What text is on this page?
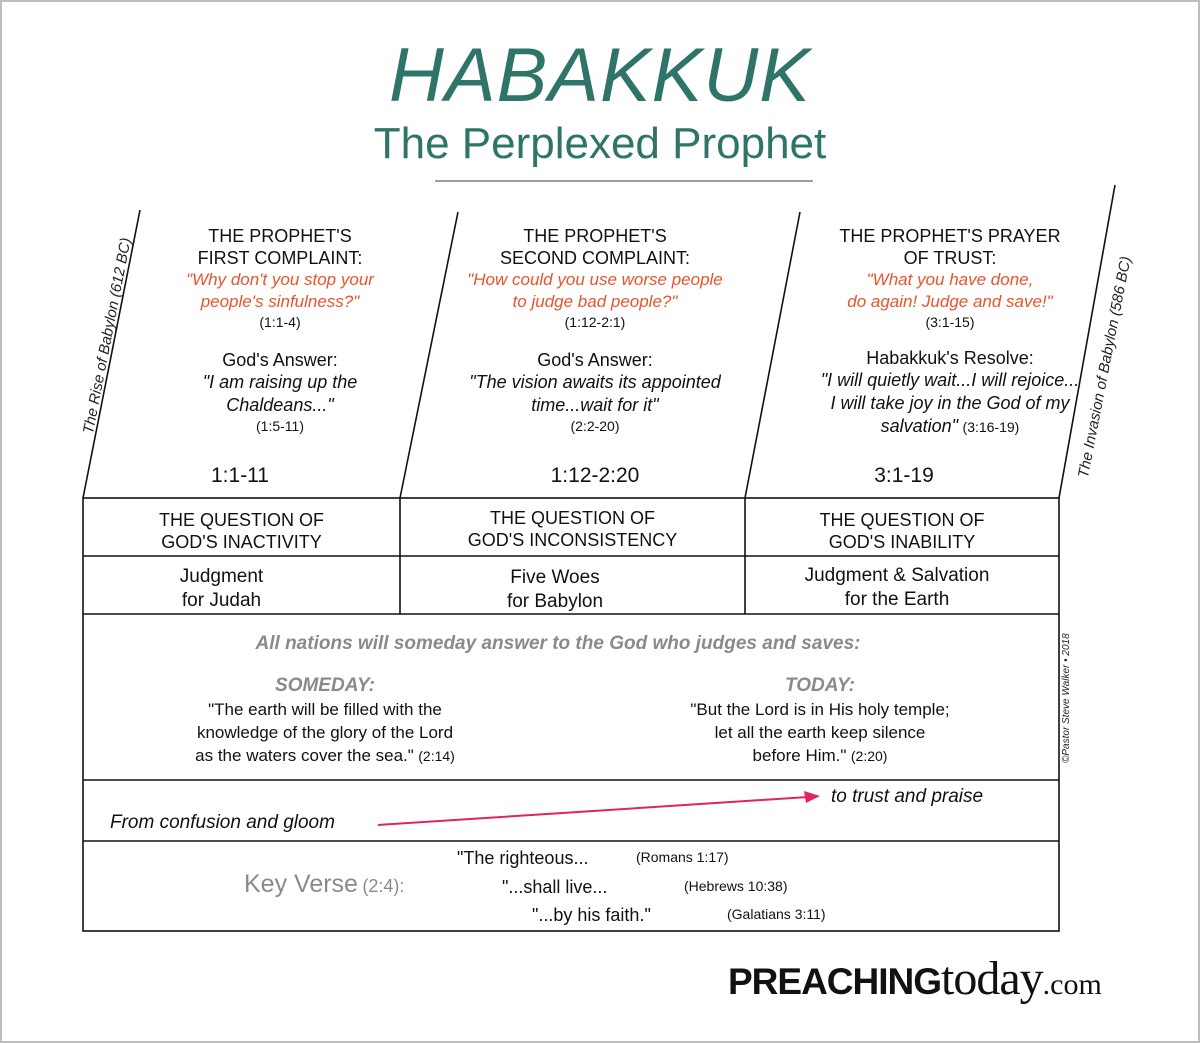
HABAKKUK
The Perplexed Prophet
The Rise of Babylon (612 BC)	The Invasion of Babylon (586 BC)
THE PROPHET'S
FIRST COMPLAINT:
"Why don't you stop your
people's sinfulness?"
(1:1-4)
God's Answer:
"I am raising up the
Chaldeans..."
(1:5-11)
1:1-11
THE PROPHET'S
SECOND COMPLAINT:
"How could you use worse people
to judge bad people?"
(1:12-2:1)
God's Answer:
"The vision awaits its appointed
time...wait for it"
(2:2-20)
1:12-2:20
THE PROPHET'S PRAYER
OF TRUST:
"What you have done,
do again! Judge and save!"
(3:1-15)
Habakkuk's Resolve:
"I will quietly wait...I will rejoice...
I will take joy in the God of my
salvation" (3:16-19)
3:1-19
THE QUESTION OF
GOD'S INACTIVITY
THE QUESTION OF
GOD'S INCONSISTENCY
THE QUESTION OF
GOD'S INABILITY
Judgment
for Judah
Five Woes
for Babylon
Judgment & Salvation
for the Earth
All nations will someday answer to the God who judges and saves:
SOMEDAY:
"The earth will be filled with the
knowledge of the glory of the Lord
as the waters cover the sea." (2:14)
TODAY:
"But the Lord is in His holy temple;
let all the earth keep silence
before Him." (2:20)
From confusion and gloom
to trust and praise
Key Verse (2:4):
"The righteous...	(Romans 1:17)
"...shall live...	(Hebrews 10:38)
"...by his faith."	(Galatians 3:11)
©Pastor Steve Walker • 2018
PREACHINGtoday.com
